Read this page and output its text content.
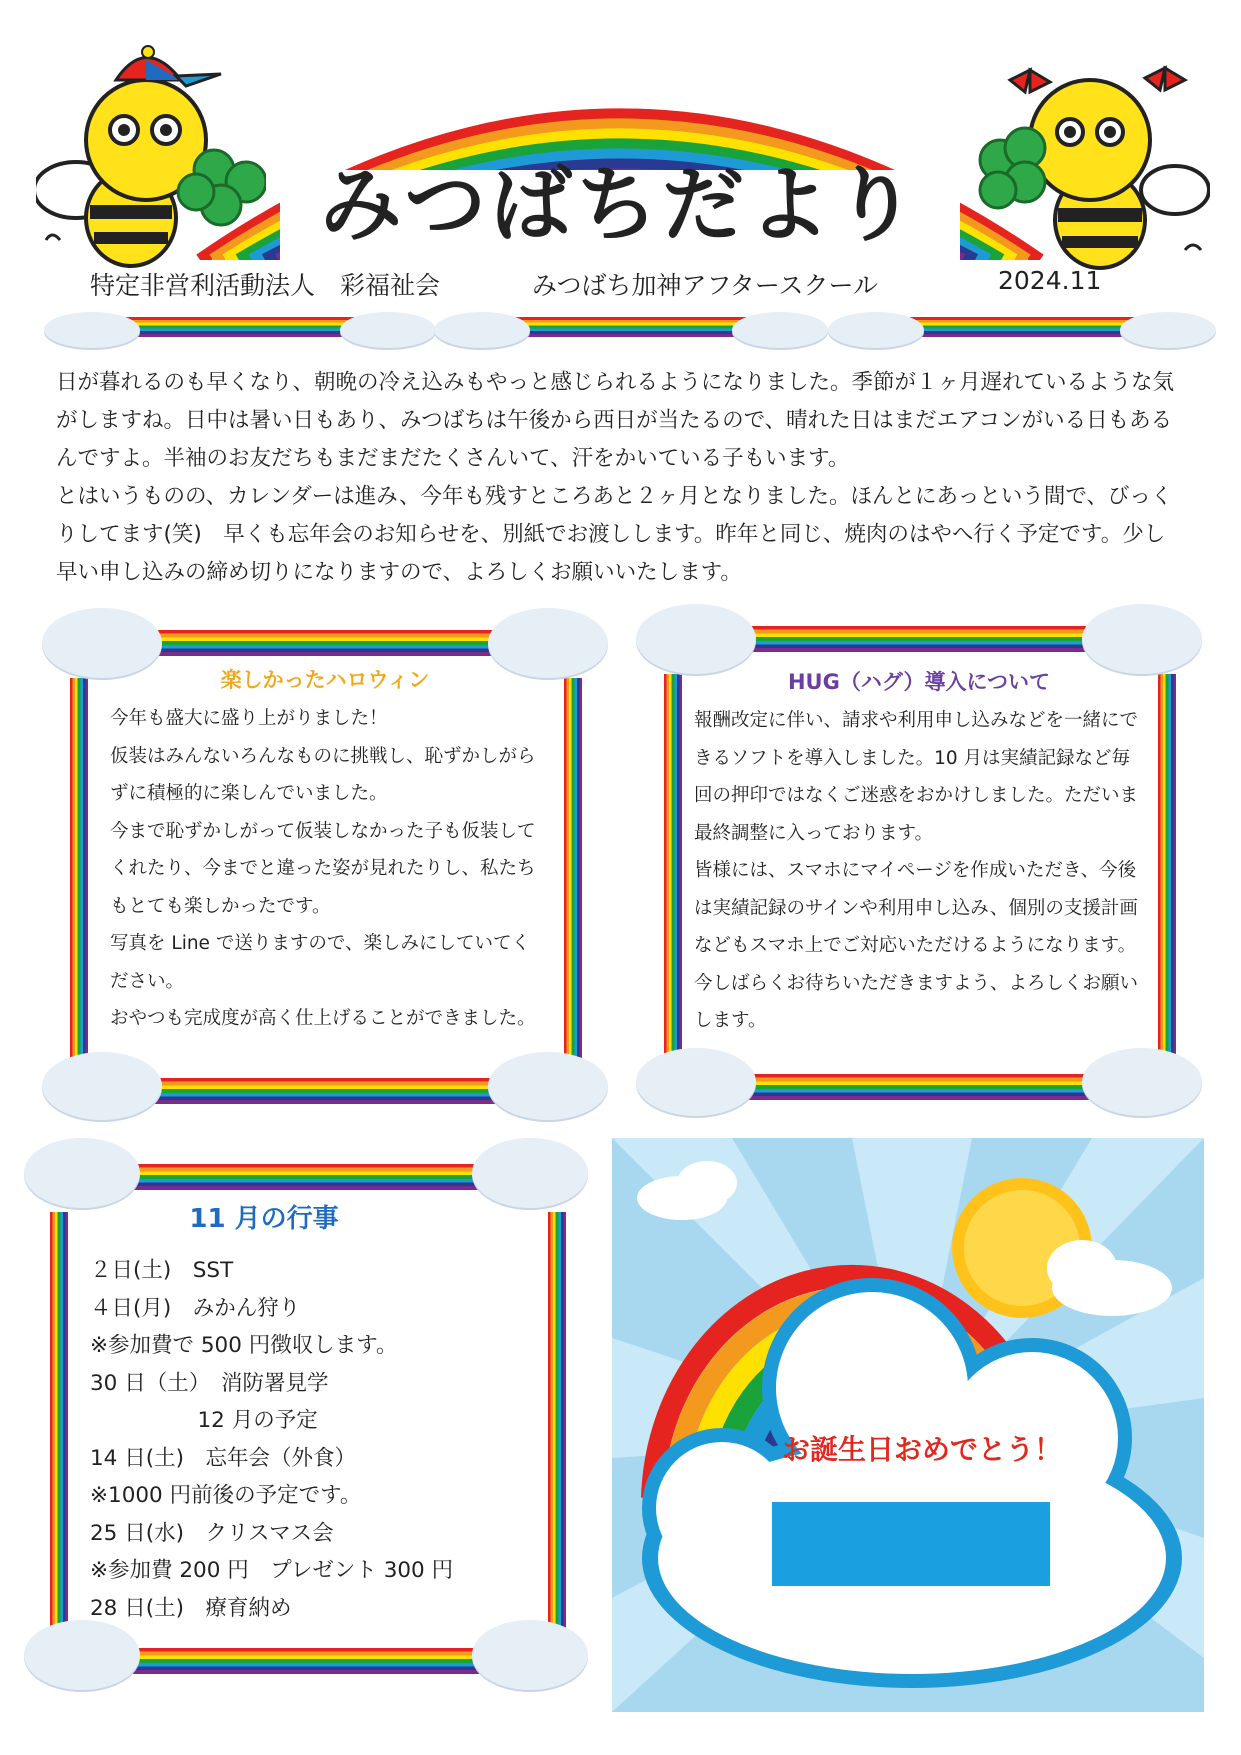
みつばちだより
特定非営利活動法人　彩福祉会	みつばち加神アフタースクール	2024.11

日が暮れるのも早くなり、朝晩の冷え込みもやっと感じられるようになりました。季節が１ヶ月遅れているような気がしますね。日中は暑い日もあり、みつばちは午後から西日が当たるので、晴れた日はまだエアコンがいる日もあるんですよ。半袖のお友だちもまだまだたくさんいて、汗をかいている子もいます。

とはいうものの、カレンダーは進み、今年も残すところあと２ヶ月となりました。ほんとにあっという間で、びっくりしてます(笑)　早くも忘年会のお知らせを、別紙でお渡しします。昨年と同じ、焼肉のはやへ行く予定です。少し早い申し込みの締め切りになりますので、よろしくお願いいたします。

楽しかったハロウィン

今年も盛大に盛り上がりました！

仮装はみんないろんなものに挑戦し、恥ずかしがら

ずに積極的に楽しんでいました。

今まで恥ずかしがって仮装しなかった子も仮装して

くれたり、今までと違った姿が見れたりし、私たち

もとても楽しかったです。

写真を Line で送りますので、楽しみにしていてく

ださい。

おやつも完成度が高く仕上げることができました。

HUG（ハグ）導入について

報酬改定に伴い、請求や利用申し込みなどを一緒にで

きるソフトを導入しました。10 月は実績記録など毎

回の押印ではなくご迷惑をおかけしました。ただいま

最終調整に入っております。

皆様には、スマホにマイページを作成いただき、今後

は実績記録のサインや利用申し込み、個別の支援計画

などもスマホ上でご対応いただけるようになります。

今しばらくお待ちいただきますよう、よろしくお願い

します。

11 月の行事

２日(土)　SST

４日(月)　みかん狩り

※参加費で 500 円徴収します。

30 日（土）　消防署見学

　　　　　12 月の予定

14 日(土)　忘年会（外食）

※1000 円前後の予定です。

25 日(水)　クリスマス会

※参加費 200 円　プレゼント 300 円

28 日(土)　療育納め

お誕生日おめでとう！
